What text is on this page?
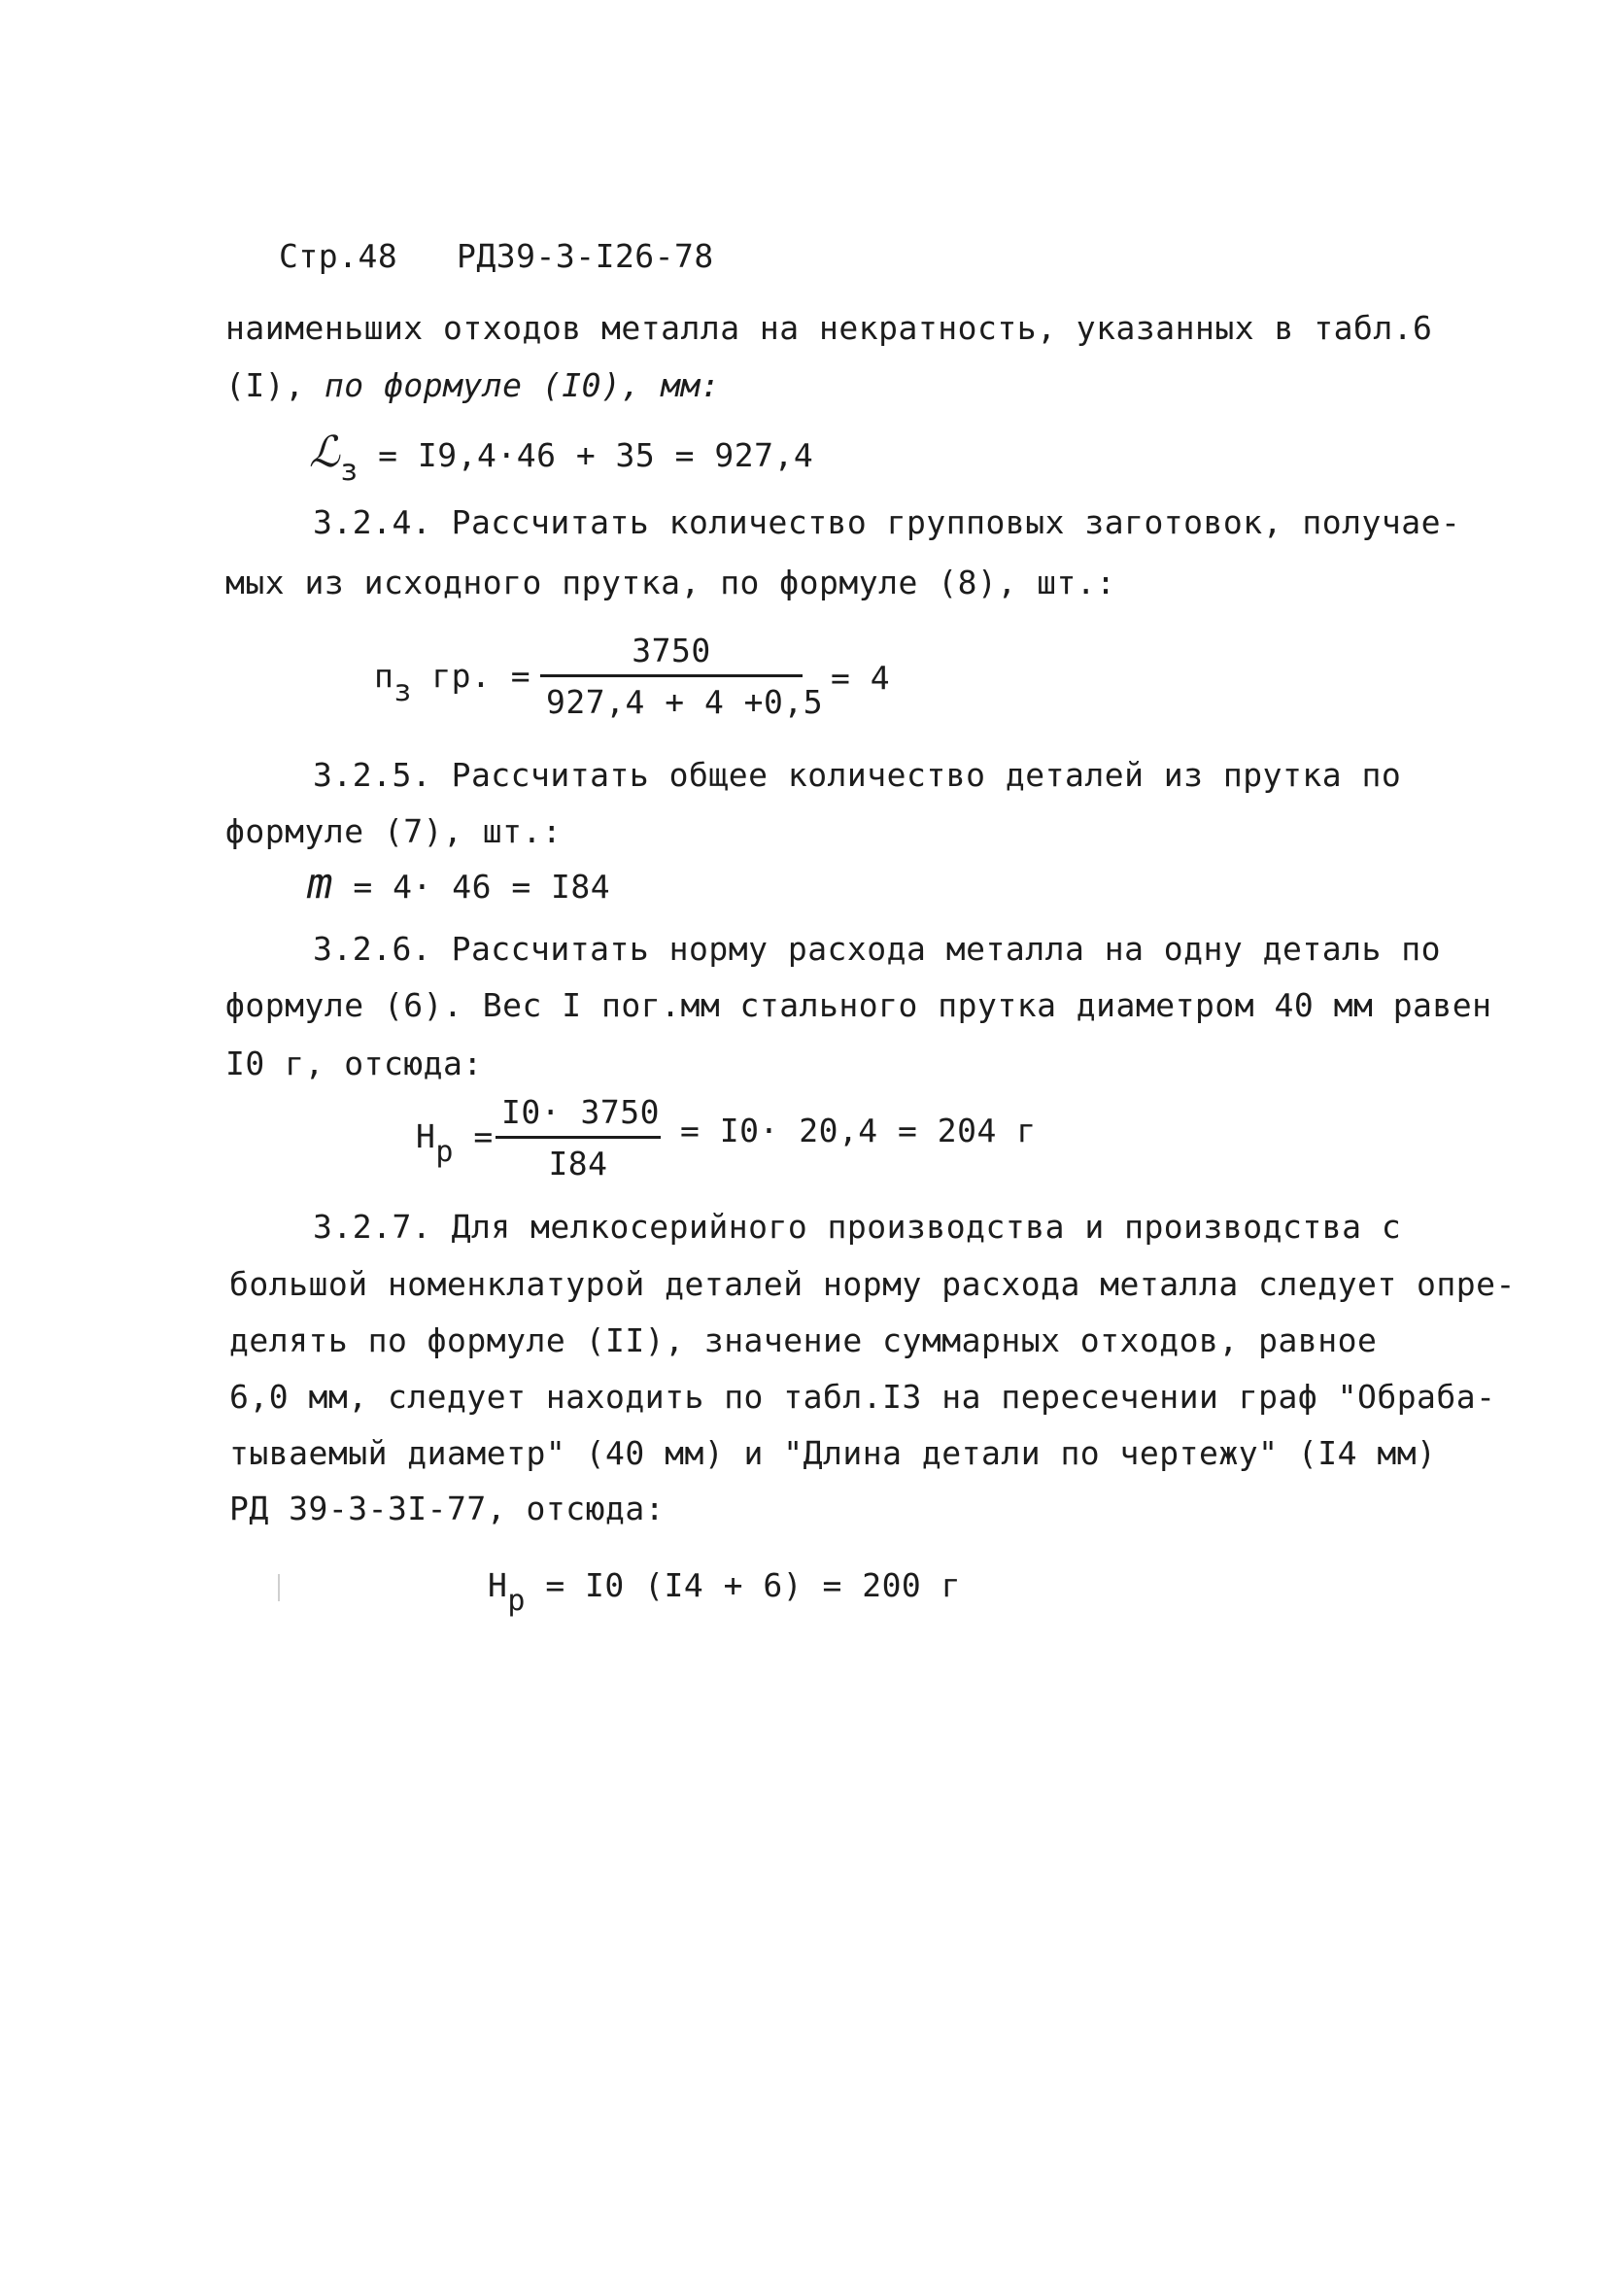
Стр.48 РД39-3-I26-78
наименьших отходов металла на некратность, указанных в табл.6
(I), по формуле (I0), мм:
ℒз = I9,4·46 + 35 = 927,4
3.2.4. Рассчитать количество групповых заготовок, получае-
мых из исходного прутка, по формуле (8), шт.:
пз гр. =
3750
927,4 + 4 +0,5
= 4
3.2.5. Рассчитать общее количество деталей из прутка по
формуле (7), шт.:
m = 4· 46 = I84
3.2.6. Рассчитать норму расхода металла на одну деталь по
формуле (6). Вес I пог.мм стального прутка диаметром 40 мм равен
I0 г, отсюда:
Нр =
I0· 3750
I84
= I0· 20,4 = 204 г
3.2.7. Для мелкосерийного производства и производства с
большой номенклатурой деталей норму расхода металла следует опре-
делять по формуле (II), значение суммарных отходов, равное
6,0 мм, следует находить по табл.I3 на пересечении граф "Обраба-
тываемый диаметр" (40 мм) и "Длина детали по чертежу" (I4 мм)
РД 39-3-3I-77, отсюда:
Нр = I0 (I4 + 6) = 200 г
